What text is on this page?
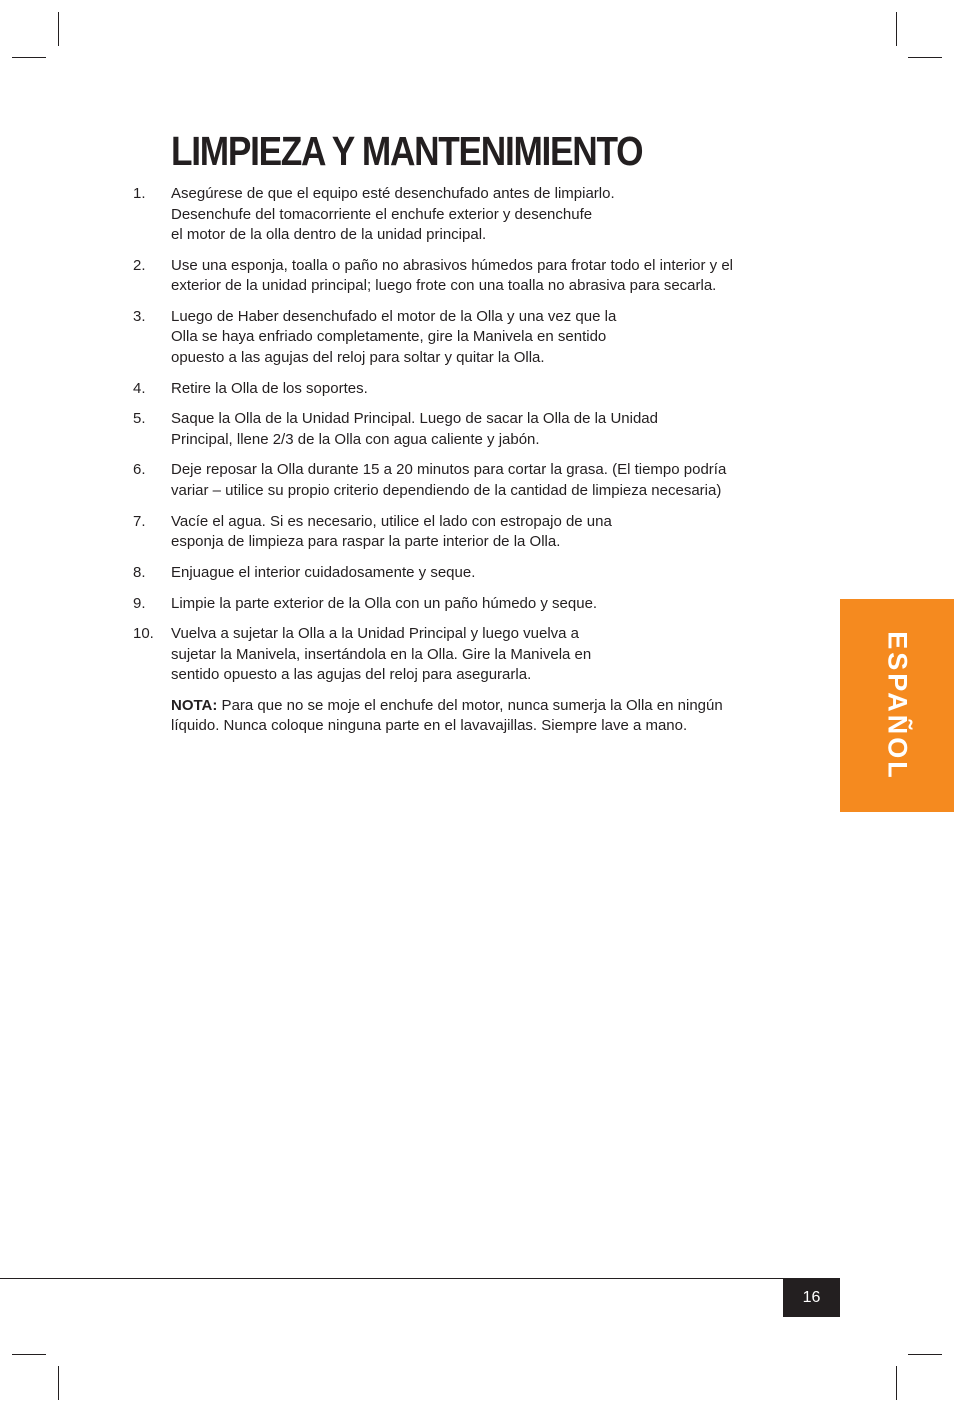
LIMPIEZA Y MANTENIMIENTO
1. Asegúrese de que el equipo esté desenchufado antes de limpiarlo.
Desenchufe del tomacorriente el enchufe exterior y desenchufe
el motor de la olla dentro de la unidad principal.
2. Use una esponja, toalla o paño no abrasivos húmedos para frotar todo el interior y el
exterior de la unidad principal; luego frote con una toalla no abrasiva para secarla.
3. Luego de Haber desenchufado el motor de la Olla y una vez que la
Olla se haya enfriado completamente, gire la Manivela en sentido
opuesto a las agujas del reloj para soltar y quitar la Olla.
4. Retire la Olla de los soportes.
5. Saque la Olla de la Unidad Principal. Luego de sacar la Olla de la Unidad
Principal, llene 2/3 de la Olla con agua caliente y jabón.
6. Deje reposar la Olla durante 15 a 20 minutos para cortar la grasa. (El tiempo podría
variar – utilice su propio criterio dependiendo de la cantidad de limpieza necesaria)
7. Vacíe el agua. Si es necesario, utilice el lado con estropajo de una
esponja de limpieza para raspar la parte interior de la Olla.
8. Enjuague el interior cuidadosamente y seque.
9. Limpie la parte exterior de la Olla con un paño húmedo y seque.
10. Vuelva a sujetar la Olla a la Unidad Principal y luego vuelva a
sujetar la Manivela, insertándola en la Olla. Gire la Manivela en
sentido opuesto a las agujas del reloj para asegurarla.
NOTA: Para que no se moje el enchufe del motor, nunca sumerja la Olla en ningún
líquido. Nunca coloque ninguna parte en el lavavajillas. Siempre lave a mano.	ESPAÑOL
16
